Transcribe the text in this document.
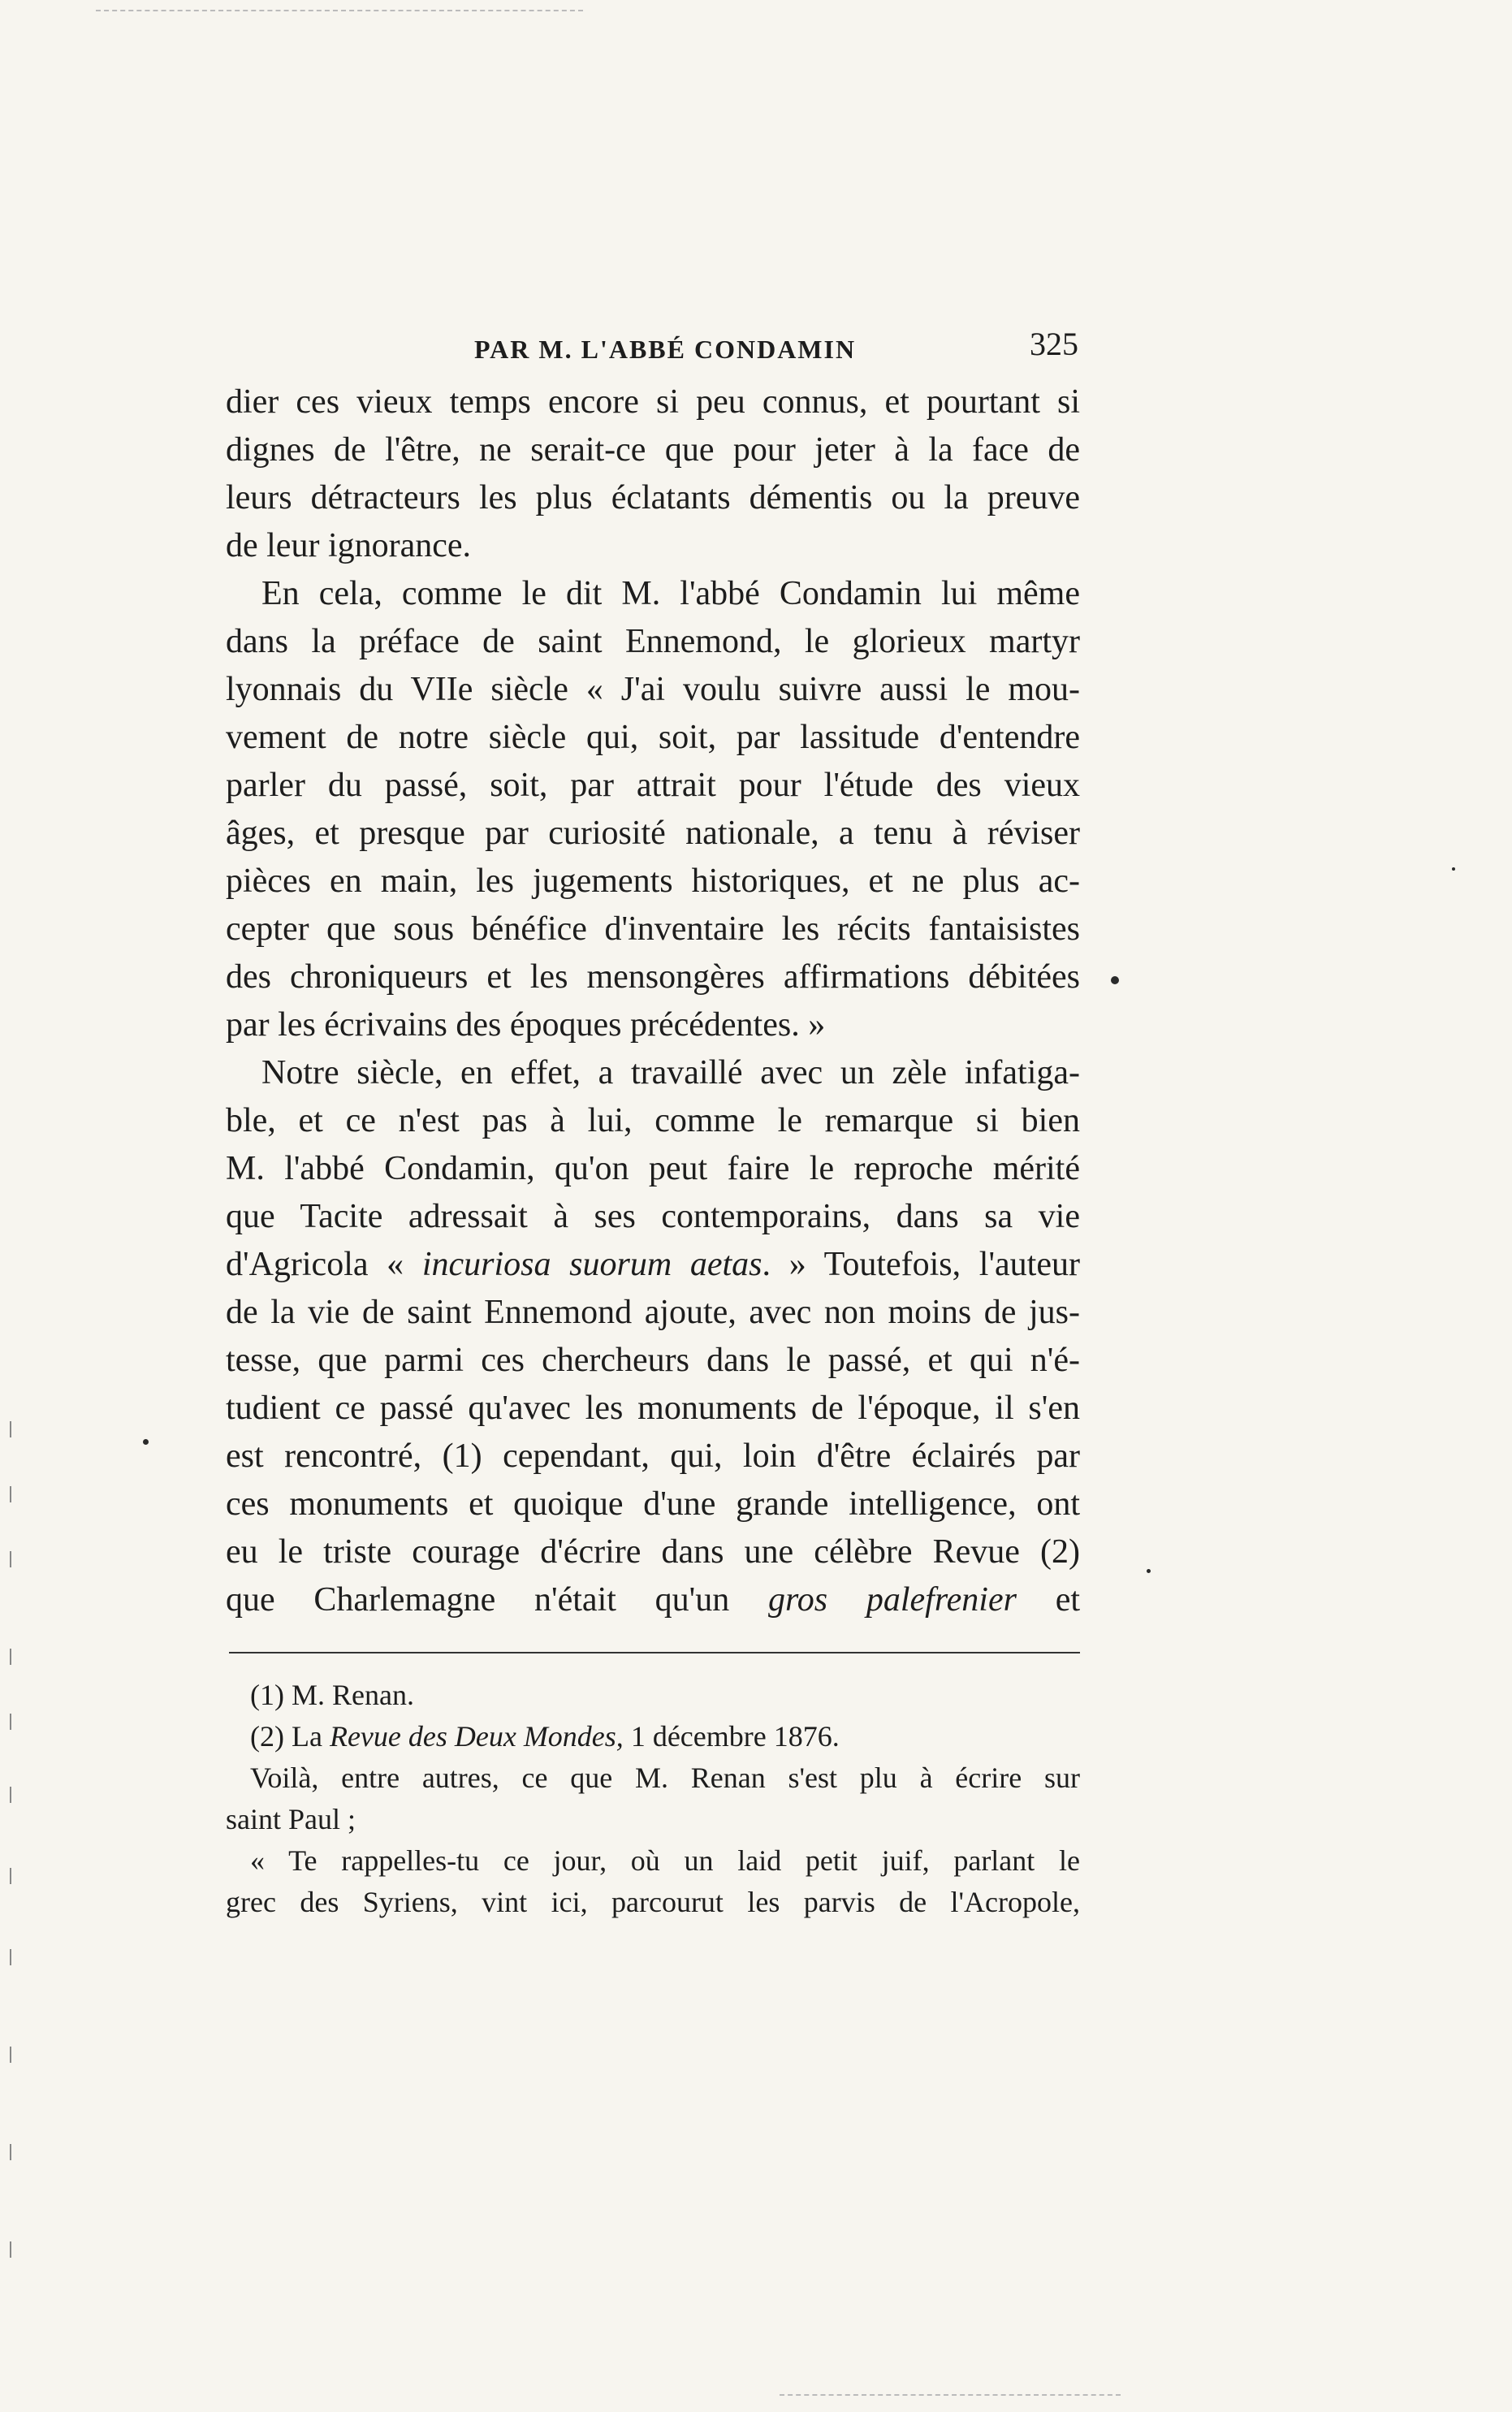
PAR M. L'ABBÉ CONDAMIN	325
dier ces vieux temps encore si peu connus, et pourtant si
dignes de l'être, ne serait-ce que pour jeter à la face de
leurs détracteurs les plus éclatants démentis ou la preuve
de leur ignorance.
En cela, comme le dit M. l'abbé Condamin lui même
dans la préface de saint Ennemond, le glorieux martyr
lyonnais du VIIe siècle « J'ai voulu suivre aussi le mou-
vement de notre siècle qui, soit, par lassitude d'entendre
parler du passé, soit, par attrait pour l'étude des vieux
âges, et presque par curiosité nationale, a tenu à réviser
pièces en main, les jugements historiques, et ne plus ac-
cepter que sous bénéfice d'inventaire les récits fantaisistes
des chroniqueurs et les mensongères affirmations débitées
par les écrivains des époques précédentes. »
Notre siècle, en effet, a travaillé avec un zèle infatiga-
ble, et ce n'est pas à lui, comme le remarque si bien
M. l'abbé Condamin, qu'on peut faire le reproche mérité
que Tacite adressait à ses contemporains, dans sa vie
d'Agricola « incuriosa suorum aetas. » Toutefois, l'auteur
de la vie de saint Ennemond ajoute, avec non moins de jus-
tesse, que parmi ces chercheurs dans le passé, et qui n'é-
tudient ce passé qu'avec les monuments de l'époque, il s'en
est rencontré, (1) cependant, qui, loin d'être éclairés par
ces monuments et quoique d'une grande intelligence, ont
eu le triste courage d'écrire dans une célèbre Revue (2)
que Charlemagne n'était qu'un gros palefrenier et
(1) M. Renan.
(2) La Revue des Deux Mondes, 1 décembre 1876.
Voilà, entre autres, ce que M. Renan s'est plu à écrire sur
saint Paul ;
« Te rappelles-tu ce jour, où un laid petit juif, parlant le
grec des Syriens, vint ici, parcourut les parvis de l'Acropole,
